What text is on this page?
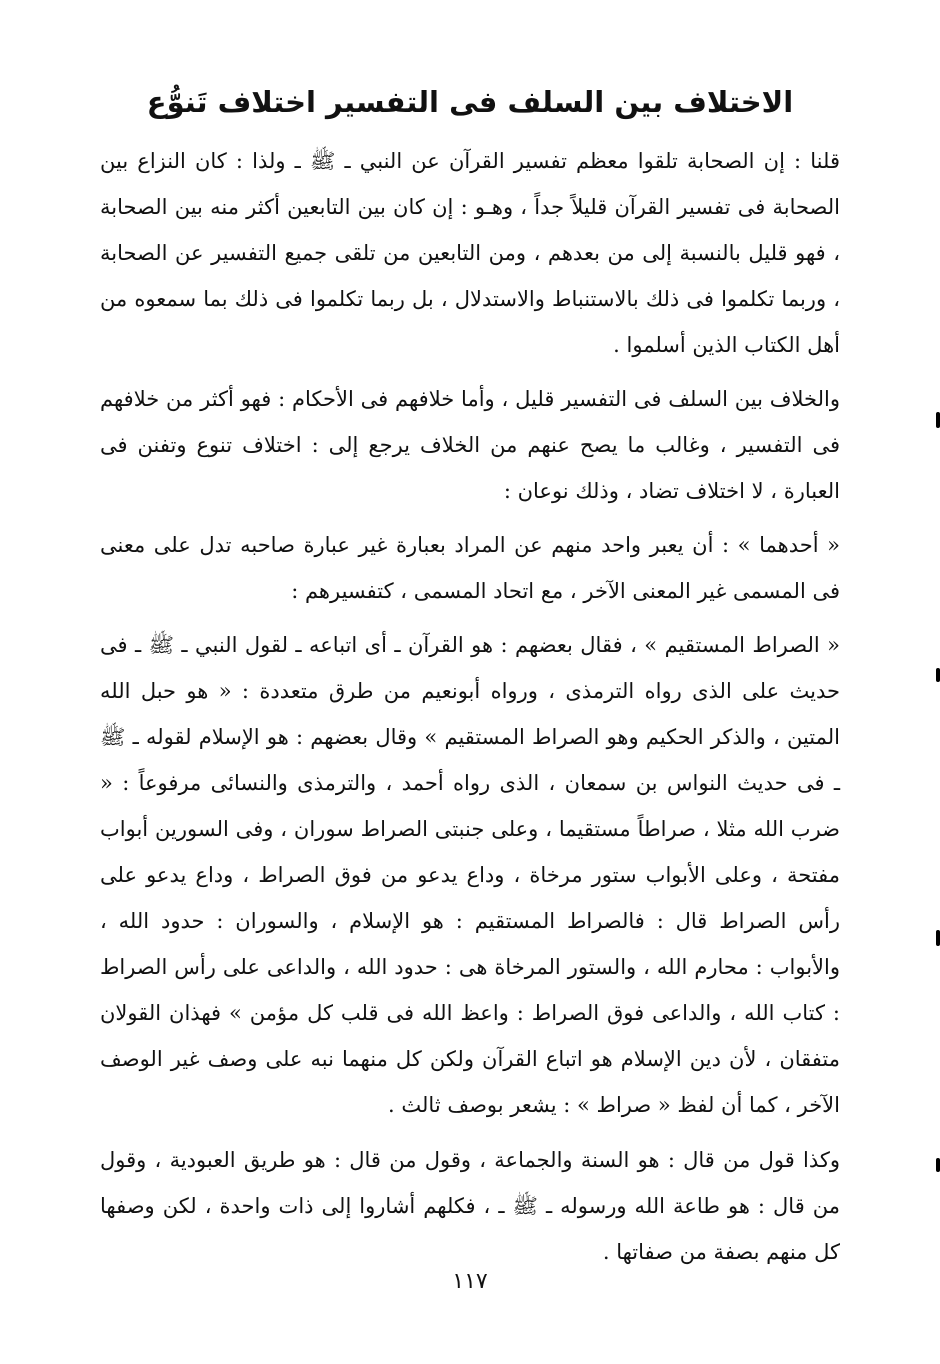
الاختلاف بين السلف فى التفسير اختلاف تَنوُّع

قلنا : إن الصحابة تلقوا معظم تفسير القرآن عن النبي ـ ﷺ ـ ولذا : كان النزاع بين الصحابة فى تفسير القرآن قليلاً جداً ، وهـو : إن كان بين التابعين أكثر منه بين الصحابة ، فهو قليل بالنسبة إلى من بعدهم ، ومن التابعين من تلقى جميع التفسير عن الصحابة ، وربما تكلموا فى ذلك بالاستنباط والاستدلال ، بل ربما تكلموا فى ذلك بما سمعوه من أهل الكتاب الذين أسلموا .

والخلاف بين السلف فى التفسير قليل ، وأما خلافهم فى الأحكام : فهو أكثر من خلافهم فى التفسير ، وغالب ما يصح عنهم من الخلاف يرجع إلى : اختلاف تنوع وتفنن فى العبارة ، لا اختلاف تضاد ، وذلك نوعان :

« أحدهما » : أن يعبر واحد منهم عن المراد بعبارة غير عبارة صاحبه تدل على معنى فى المسمى غير المعنى الآخر ، مع اتحاد المسمى ، كتفسيرهم :

« الصراط المستقيم » ، فقال بعضهم : هو القرآن ـ أى اتباعه ـ لقول النبي ـ ﷺ ـ فى حديث على الذى رواه الترمذى ، ورواه أبونعيم من طرق متعددة : « هو حبل الله المتين ، والذكر الحكيم وهو الصراط المستقيم » وقال بعضهم : هو الإسلام لقوله ـ ﷺ ـ فى حديث النواس بن سمعان ، الذى رواه أحمد ، والترمذى والنسائى مرفوعاً : « ضرب الله مثلا ، صراطاً مستقيما ، وعلى جنبتى الصراط سوران ، وفى السورين أبواب مفتحة ، وعلى الأبواب ستور مرخاة ، وداع يدعو من فوق الصراط ، وداع يدعو على رأس الصراط قال : فالصراط المستقيم : هو الإسلام ، والسوران : حدود الله ، والأبواب : محارم الله ، والستور المرخاة هى : حدود الله ، والداعى على رأس الصراط : كتاب الله ، والداعى فوق الصراط : واعظ الله فى قلب كل مؤمن » فهذان القولان متفقان ، لأن دين الإسلام هو اتباع القرآن ولكن كل منهما نبه على وصف غير الوصف الآخر ، كما أن لفظ « صراط » : يشعر بوصف ثالث .

وكذا قول من قال : هو السنة والجماعة ، وقول من قال : هو طريق العبودية ، وقول من قال : هو طاعة الله ورسوله ـ ﷺ ـ ، فكلهم أشاروا إلى ذات واحدة ، لكن وصفها كل منهم بصفة من صفاتها .

١١٧
